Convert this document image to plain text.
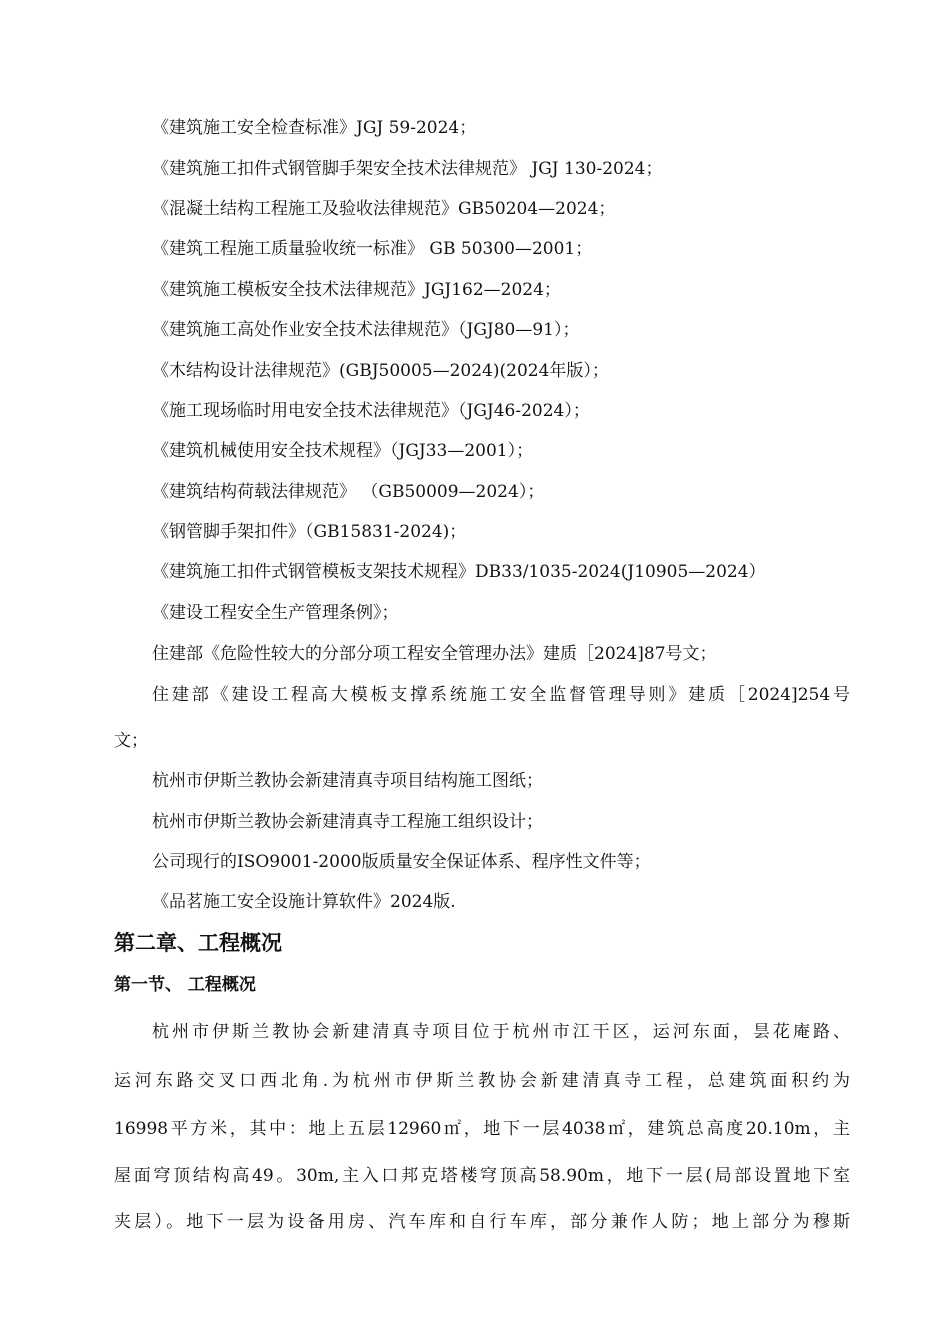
《建筑施工安全检查标准》JGJ 59-2024；
《建筑施工扣件式钢管脚手架安全技术法律规范》 JGJ 130-2024；
《混凝土结构工程施工及验收法律规范》GB50204—2024；
《建筑工程施工质量验收统一标准》 GB 50300—2001；
《建筑施工模板安全技术法律规范》JGJ162—2024；
《建筑施工高处作业安全技术法律规范》（JGJ80—91）；
《木结构设计法律规范》(GBJ50005—2024)(2024年版）；
《施工现场临时用电安全技术法律规范》（JGJ46-2024）；
《建筑机械使用安全技术规程》（JGJ33—2001）；
《建筑结构荷载法律规范》 （GB50009—2024）；
《钢管脚手架扣件》（GB15831-2024)；
《建筑施工扣件式钢管模板支架技术规程》DB33/1035-2024(J10905—2024）
《建设工程安全生产管理条例》；
住建部《危险性较大的分部分项工程安全管理办法》建质［2024]87号文；
住建部《建设工程高大模板支撑系统施工安全监督管理导则》建质［2024]254号
文；
杭州市伊斯兰教协会新建清真寺项目结构施工图纸；
杭州市伊斯兰教协会新建清真寺工程施工组织设计；
公司现行的ISO9001-2000版质量安全保证体系、程序性文件等；
《品茗施工安全设施计算软件》2024版.
第二章、工程概况
第一节、 工程概况
杭州市伊斯兰教协会新建清真寺项目位于杭州市江干区，运河东面，昙花庵路、
运河东路交叉口西北角.为杭州市伊斯兰教协会新建清真寺工程，总建筑面积约为
16998平方米，其中：地上五层12960㎡，地下一层4038㎡，建筑总高度20.10m，主
屋面穹顶结构高49。30m,主入口邦克塔楼穹顶高58.90m，地下一层(局部设置地下室
夹层）。地下一层为设备用房、汽车库和自行车库，部分兼作人防；地上部分为穆斯
